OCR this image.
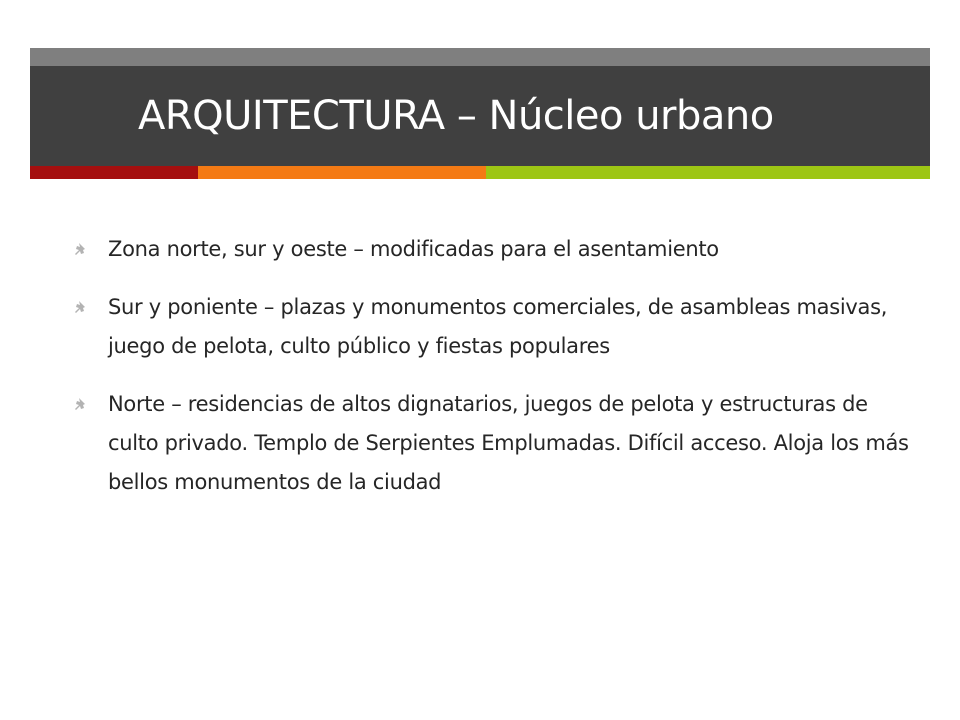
ARQUITECTURA – Núcleo urbano
Zona norte, sur y oeste – modificadas para el asentamiento
Sur y poniente – plazas y monumentos comerciales, de asambleas masivas, juego de pelota, culto público y fiestas populares
Norte – residencias de altos dignatarios, juegos de pelota y estructuras de culto privado. Templo de Serpientes Emplumadas. Difícil acceso. Aloja los más bellos monumentos de la ciudad
